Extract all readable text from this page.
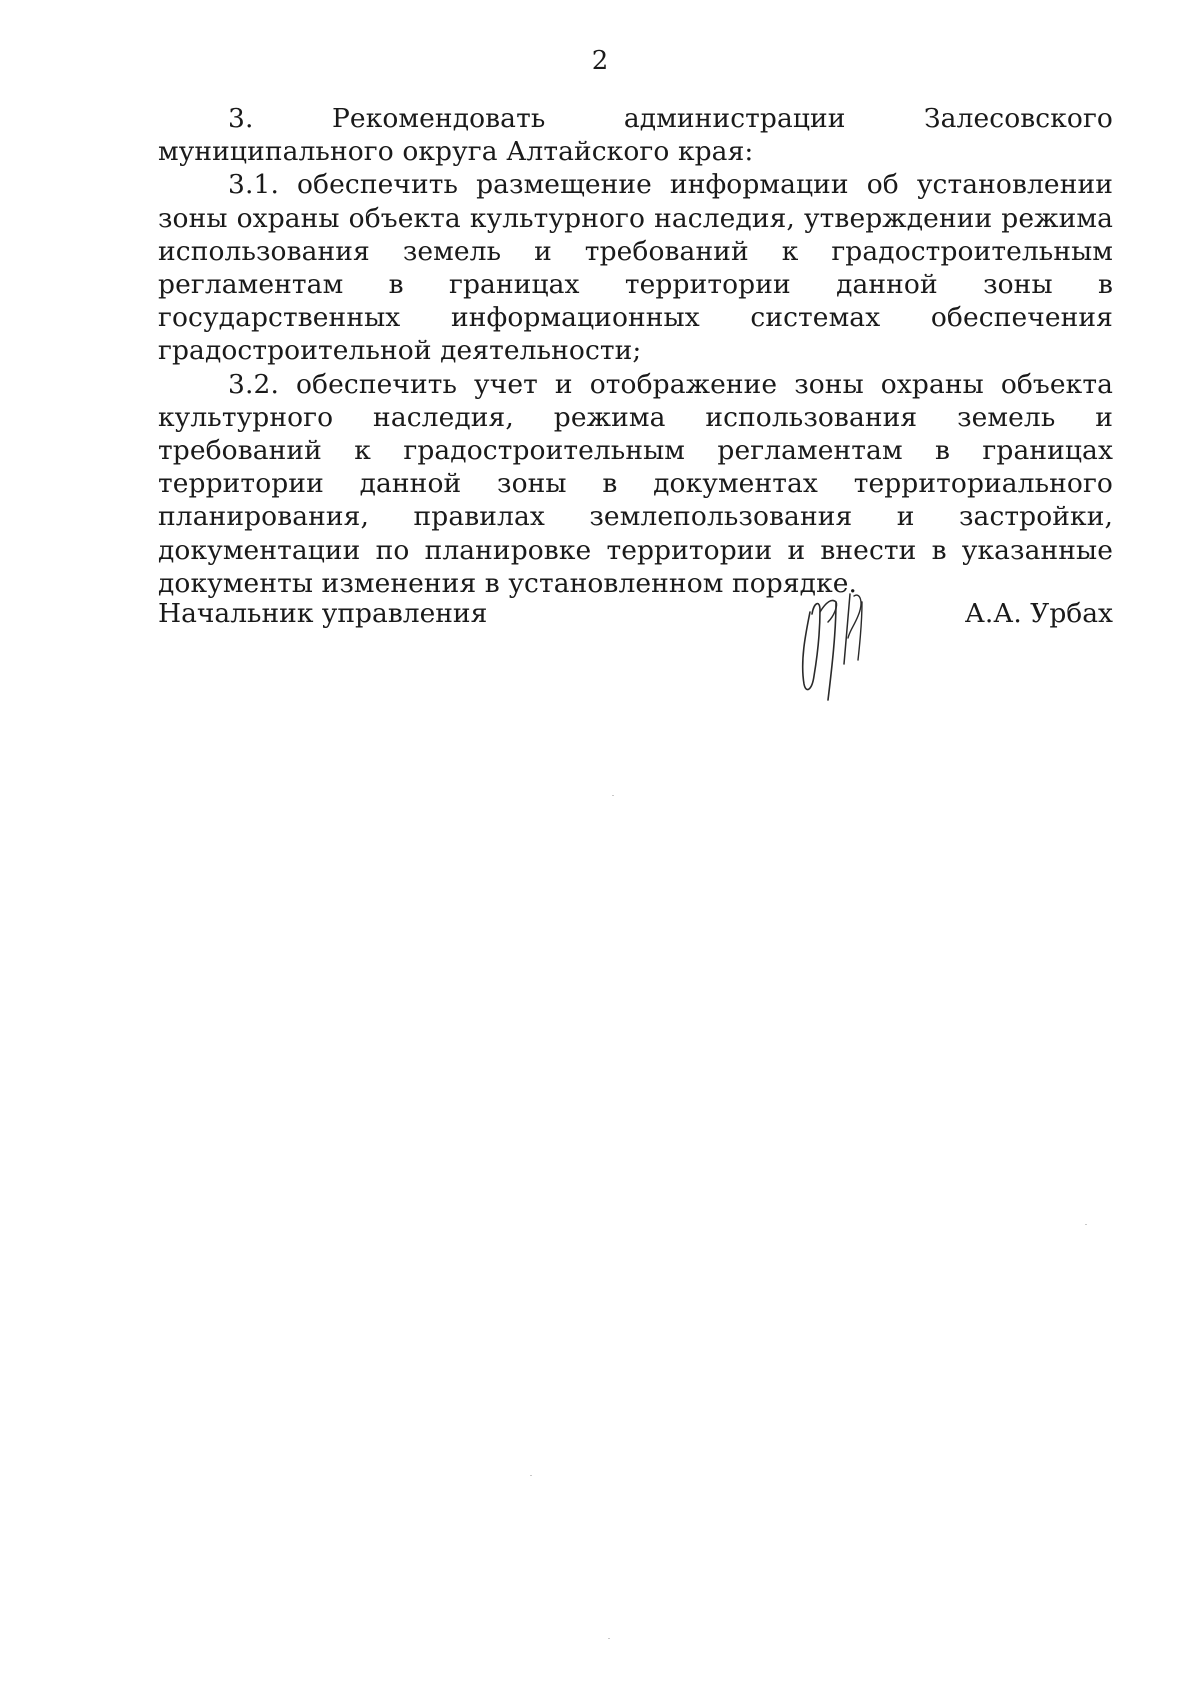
2

3. Рекомендовать администрации Залесовского муниципального округа Алтайского края:

3.1. обеспечить размещение информации об установлении зоны охраны объекта культурного наследия, утверждении режима использования земель и требований к градостроительным регламентам в границах территории данной зоны в государственных информационных системах обеспечения градостроительной деятельности;

3.2. обеспечить учет и отображение зоны охраны объекта культурного наследия, режима использования земель и требований к градостроительным регламентам в границах территории данной зоны в документах территориального планирования, правилах землепользования и застройки, документации по планировке территории и внести в указанные документы изменения в установленном порядке.

Начальник управления	А.А. Урбах
